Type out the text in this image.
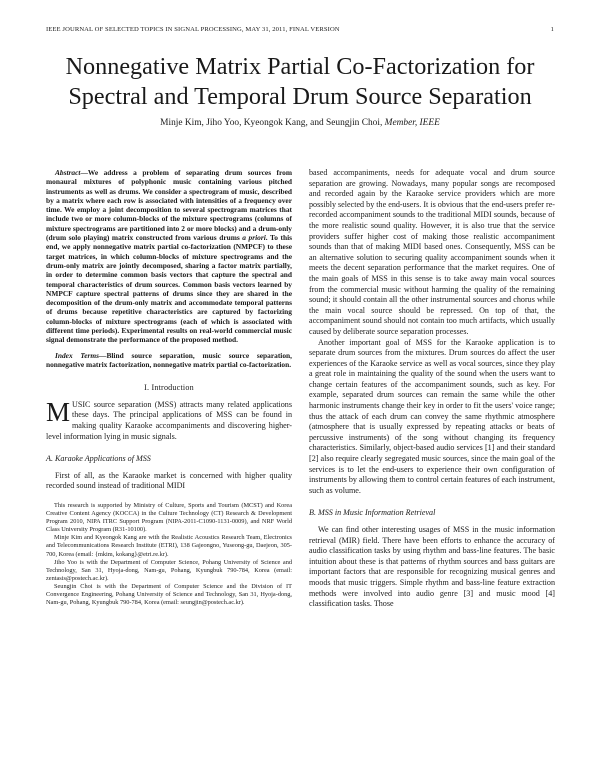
IEEE JOURNAL OF SELECTED TOPICS IN SIGNAL PROCESSING, MAY 31, 2011, FINAL VERSION	1
Nonnegative Matrix Partial Co-Factorization for
Spectral and Temporal Drum Source Separation
Minje Kim, Jiho Yoo, Kyeongok Kang, and Seungjin Choi, Member, IEEE

Abstract—We address a problem of separating drum sources from monaural mixtures of polyphonic music containing various pitched instruments as well as drums. We consider a spectrogram of music, described by a matrix where each row is associated with intensities of a frequency over time. We employ a joint decomposition to several spectrogram matrices that include two or more column-blocks of the mixture spectrograms (columns of mixture spectrograms are partitioned into 2 or more blocks) and a drum-only (drum solo playing) matrix constructed from various drums a priori. To this end, we apply nonnegative matrix partial co-factorization (NMPCF) to these target matrices, in which column-blocks of mixture spectrograms and the drum-only matrix are jointly decomposed, sharing a factor matrix partially, in order to determine common basis vectors that capture the spectral and temporal characteristics of drum sources. Common basis vectors learned by NMPCF capture spectral patterns of drums since they are shared in the decomposition of the drum-only matrix and accommodate temporal patterns of drums because repetitive characteristics are captured by factorizing column-blocks of mixture spectrograms (each of which is associated with different time periods). Experimental results on real-world commercial music signal demonstrate the performance of the proposed method.

Index Terms—Blind source separation, music source separation, nonnegative matrix factorization, nonnegative matrix partial co-factorization.

I. Introduction

MUSIC source separation (MSS) attracts many related applications these days. The principal applications of MSS can be found in making quality Karaoke accompaniments and discovering higher-level information lying in music signals.

A. Karaoke Applications of MSS

First of all, as the Karaoke market is concerned with higher quality recorded sound instead of traditional MIDI

This research is supported by Ministry of Culture, Sports and Tourism (MCST) and Korea Creative Content Agency (KOCCA) in the Culture Technology (CT) Research & Development Program 2010, NIPA ITRC Support Program (NIPA-2011-C1090-1131-0009), and NRF World Class University Program (R31-10100).

Minje Kim and Kyeongok Kang are with the Realistic Acoustics Research Team, Electronics and Telecommunications Research Institute (ETRI), 138 Gajeongno, Yuseong-gu, Daejeon, 305-700, Korea (email: {mkim, kokang}@etri.re.kr).

Jiho Yoo is with the Department of Computer Science, Pohang University of Science and Technology, San 31, Hyoja-dong, Nam-gu, Pohang, Kyungbuk 790-784, Korea (email: zentasis@postech.ac.kr).

Seungjin Choi is with the Department of Computer Science and the Division of IT Convergence Engineering, Pohang University of Science and Technology, San 31, Hyoja-dong, Nam-gu, Pohang, Kyungbuk 790-784, Korea (email: seungjin@postech.ac.kr).

based accompaniments, needs for adequate vocal and drum source separation are growing. Nowadays, many popular songs are recomposed and recorded again by the Karaoke service providers which are more possibly selected by the end-users. It is obvious that the end-users prefer re-recorded accompaniment sounds to the traditional MIDI sounds, because of the more realistic sound quality. However, it is also true that the service providers suffer higher cost of making those realistic accompaniment sounds than that of making MIDI based ones. Consequently, MSS can be an alternative solution to securing quality accompaniment sounds when it meets the decent separation performance that the market requires. One of the main goals of MSS in this sense is to take away main vocal sources from the commercial music without harming the quality of the remaining sound; it should contain all the other instrumental sources and chorus while the main vocal source should be repressed. On top of that, the accompaniment sound should not contain too much artifacts, which usually caused by deliberate source separation processes.

Another important goal of MSS for the Karaoke application is to separate drum sources from the mixtures. Drum sources do affect the user experiences of the Karaoke service as well as vocal sources, since they play a great role in maintaining the quality of the sound when the users want to change certain features of the accompaniment sounds, such as key. For example, separated drum sources can remain the same while the other harmonic instruments change their key in order to fit the users' voice range; thus the attack of each drum can convey the same rhythmic atmosphere (atmosphere that is usually expressed by repeating attacks or beats of percussive instruments) of the song without changing its frequency characteristics. Similarly, object-based audio services [1] and their standard [2] also require clearly segregated music sources, since the main goal of the services is to let the end-users to experience their own configuration of instruments by allowing them to control certain features of each instrument, such as volume.

B. MSS in Music Information Retrieval

We can find other interesting usages of MSS in the music information retrieval (MIR) field. There have been efforts to enhance the accuracy of audio classification tasks by using rhythm and bass-line features. The basic intuition about these is that patterns of rhythm sources and bass guitars are important factors that are responsible for recognizing musical genres and moods that music triggers. Simple rhythm and bass-line feature extraction methods were involved into audio genre [3] and music mood [4] classification tasks. Those
